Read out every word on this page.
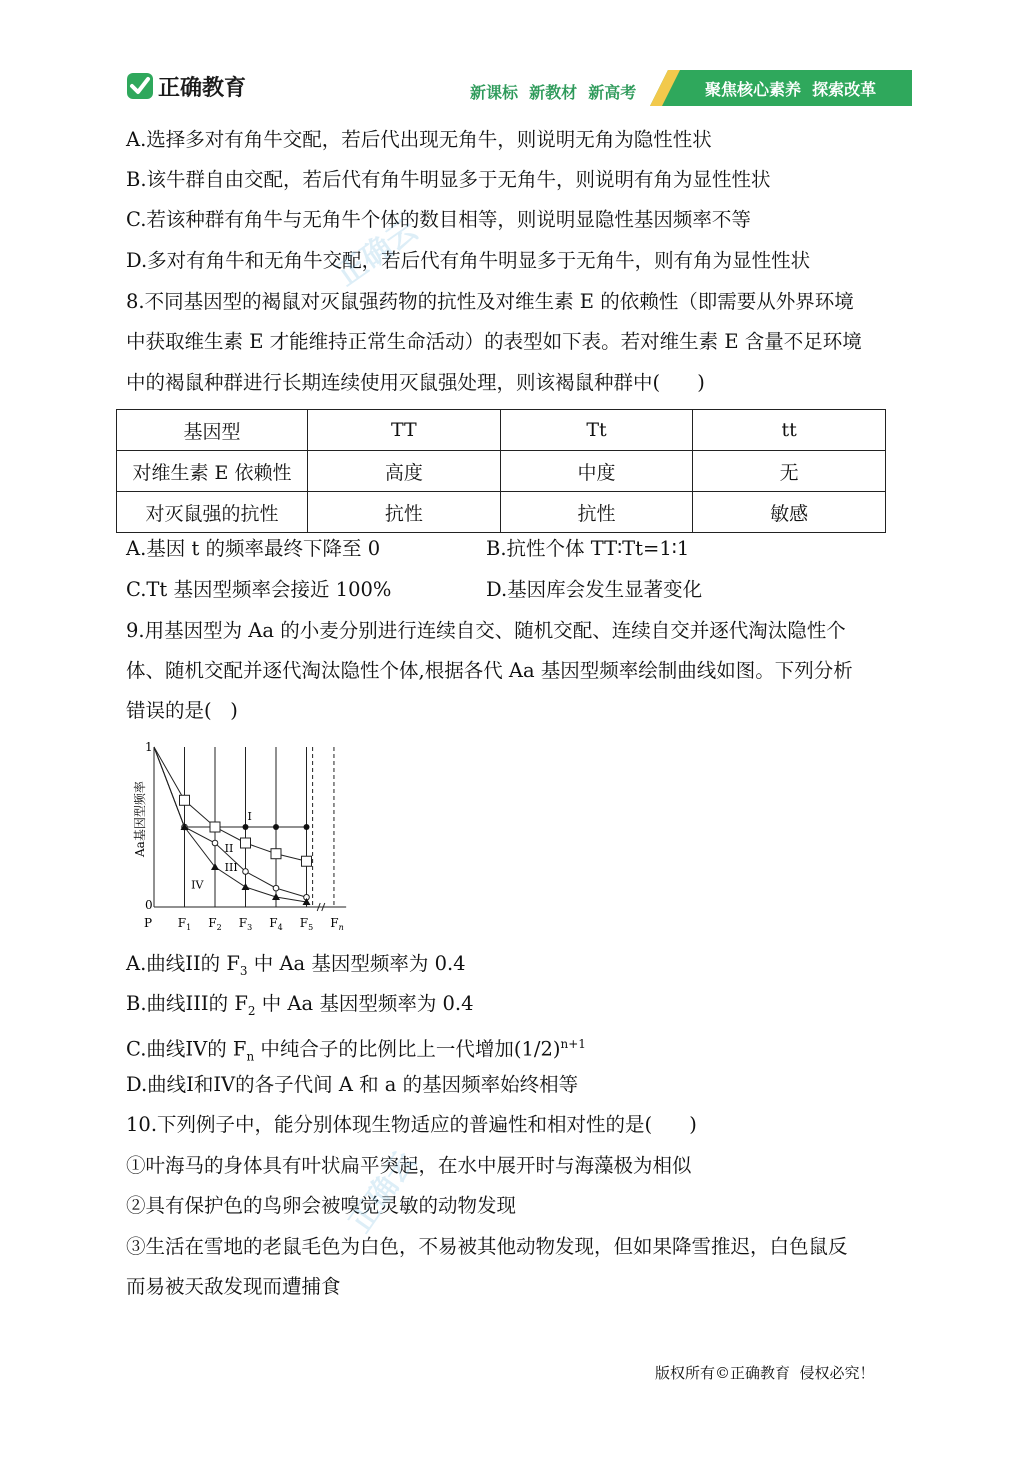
正确教育	新课标  新教材  新高考	聚焦核心素养  探索改革
A.选择多对有角牛交配，若后代出现无角牛，则说明无角为隐性性状
B.该牛群自由交配，若后代有角牛明显多于无角牛，则说明有角为显性性状
C.若该种群有角牛与无角牛个体的数目相等，则说明显隐性基因频率不等
D.多对有角牛和无角牛交配，若后代有角牛明显多于无角牛，则有角为显性性状
8.不同基因型的褐鼠对灭鼠强药物的抗性及对维生素 E 的依赖性（即需要从外界环境
中获取维生素 E 才能维持正常生命活动）的表型如下表。若对维生素 E 含量不足环境
中的褐鼠种群进行长期连续使用灭鼠强处理，则该褐鼠种群中(      )
基因型	TT	Tt	tt
对维生素 E 依赖性	高度	中度	无
对灭鼠强的抗性	抗性	抗性	敏感
A.基因 t 的频率最终下降至 0	B.抗性个体 TT∶Tt=1∶1
C.Tt 基因型频率会接近 100%	D.基因库会发生显著变化
9.用基因型为 Aa 的小麦分别进行连续自交、随机交配、连续自交并逐代淘汰隐性个
体、随机交配并逐代淘汰隐性个体,根据各代 Aa 基因型频率绘制曲线如图。下列分析
错误的是(   )
1
0
Aa基因型频率
P $F_1$ $F_2$ $F_3$ $F_4$ $F_5$ $F_n$
I
II
III
IV
A.曲线II的 $F_3$ 中 Aa 基因型频率为 0.4
B.曲线III的 $F_2$ 中 Aa 基因型频率为 0.4
C.曲线IV的 $F_n$ 中纯合子的比例比上一代增加$(1/2)^{n+1}$
D.曲线I和IV的各子代间 A 和 a 的基因频率始终相等
10.下列例子中，能分别体现生物适应的普遍性和相对性的是(      )
①叶海马的身体具有叶状扁平突起，在水中展开时与海藻极为相似
②具有保护色的鸟卵会被嗅觉灵敏的动物发现
③生活在雪地的老鼠毛色为白色，不易被其他动物发现，但如果降雪推迟，白色鼠反
而易被天敌发现而遭捕食
正确云
正确云
版权所有©正确教育  侵权必究！
